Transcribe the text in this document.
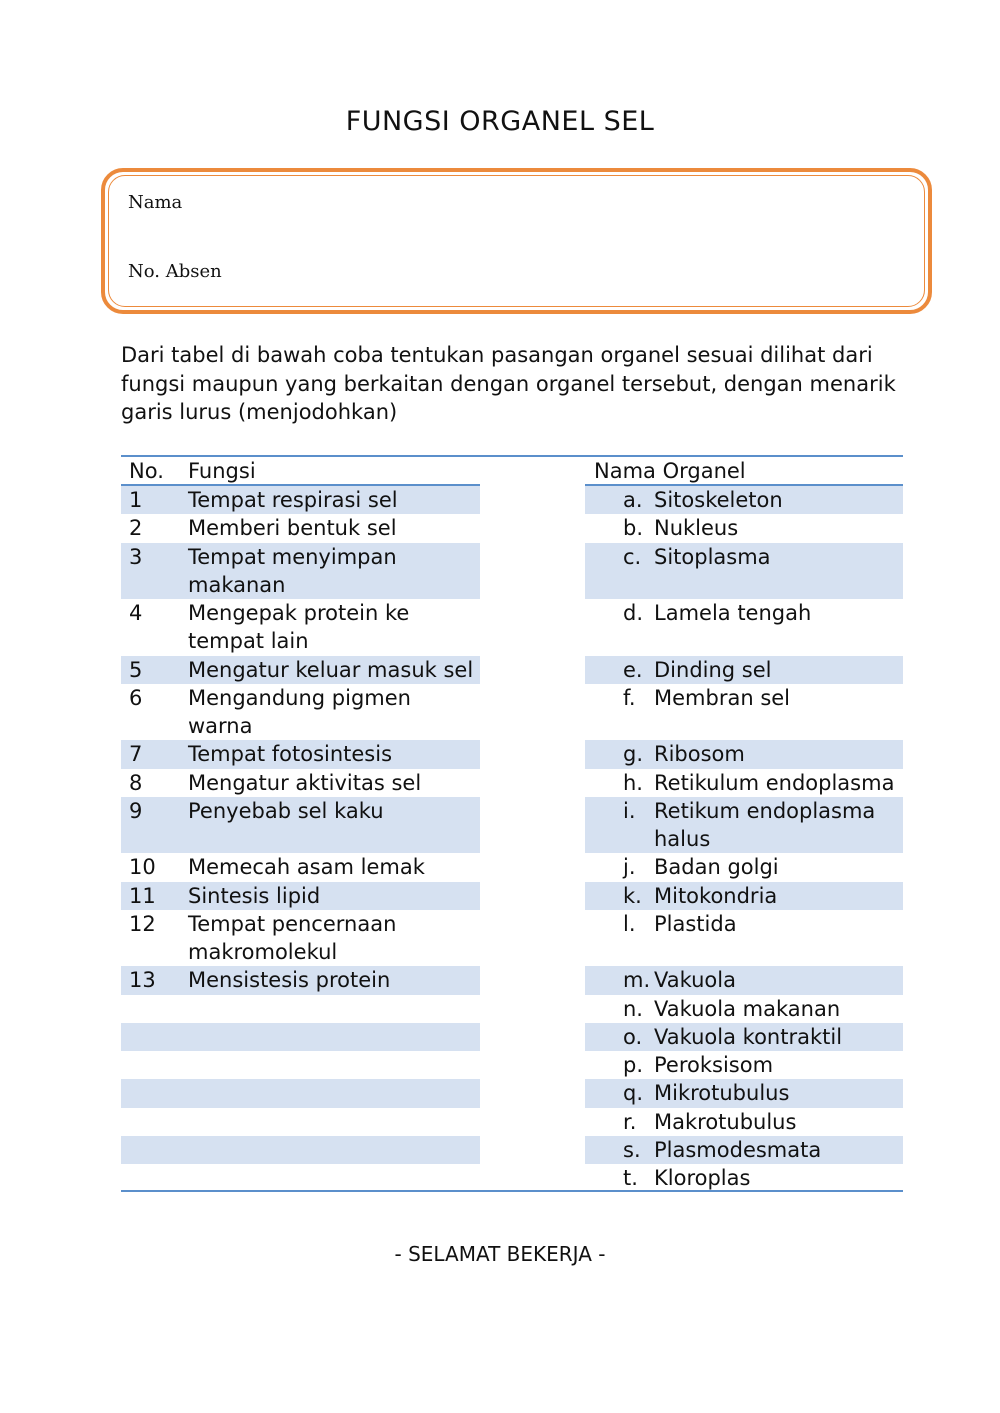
FUNGSI ORGANEL SEL
Nama
No. Absen
Dari tabel di bawah coba tentukan pasangan organel sesuai dilihat dari fungsi maupun yang berkaitan dengan organel tersebut, dengan menarik garis lurus (menjodohkan)
No. Fungsi	Nama Organel
1 Tempat respirasi sel
2 Memberi bentuk sel
3 Tempat menyimpan makanan
4 Mengepak protein ke tempat lain
5 Mengatur keluar masuk sel
6 Mengandung pigmen warna
7 Tempat fotosintesis
8 Mengatur aktivitas sel
9 Penyebab sel kaku
10 Memecah asam lemak
11 Sintesis lipid
12 Tempat pencernaan makromolekul
13 Mensistesis protein
a. Sitoskeleton
b. Nukleus
c. Sitoplasma
d. Lamela tengah
e. Dinding sel
f. Membran sel
g. Ribosom
h. Retikulum endoplasma
i. Retikum endoplasma halus
j. Badan golgi
k. Mitokondria
l. Plastida
m. Vakuola
n. Vakuola makanan
o. Vakuola kontraktil
p. Peroksisom
q. Mikrotubulus
r. Makrotubulus
s. Plasmodesmata
t. Kloroplas
- SELAMAT BEKERJA -
